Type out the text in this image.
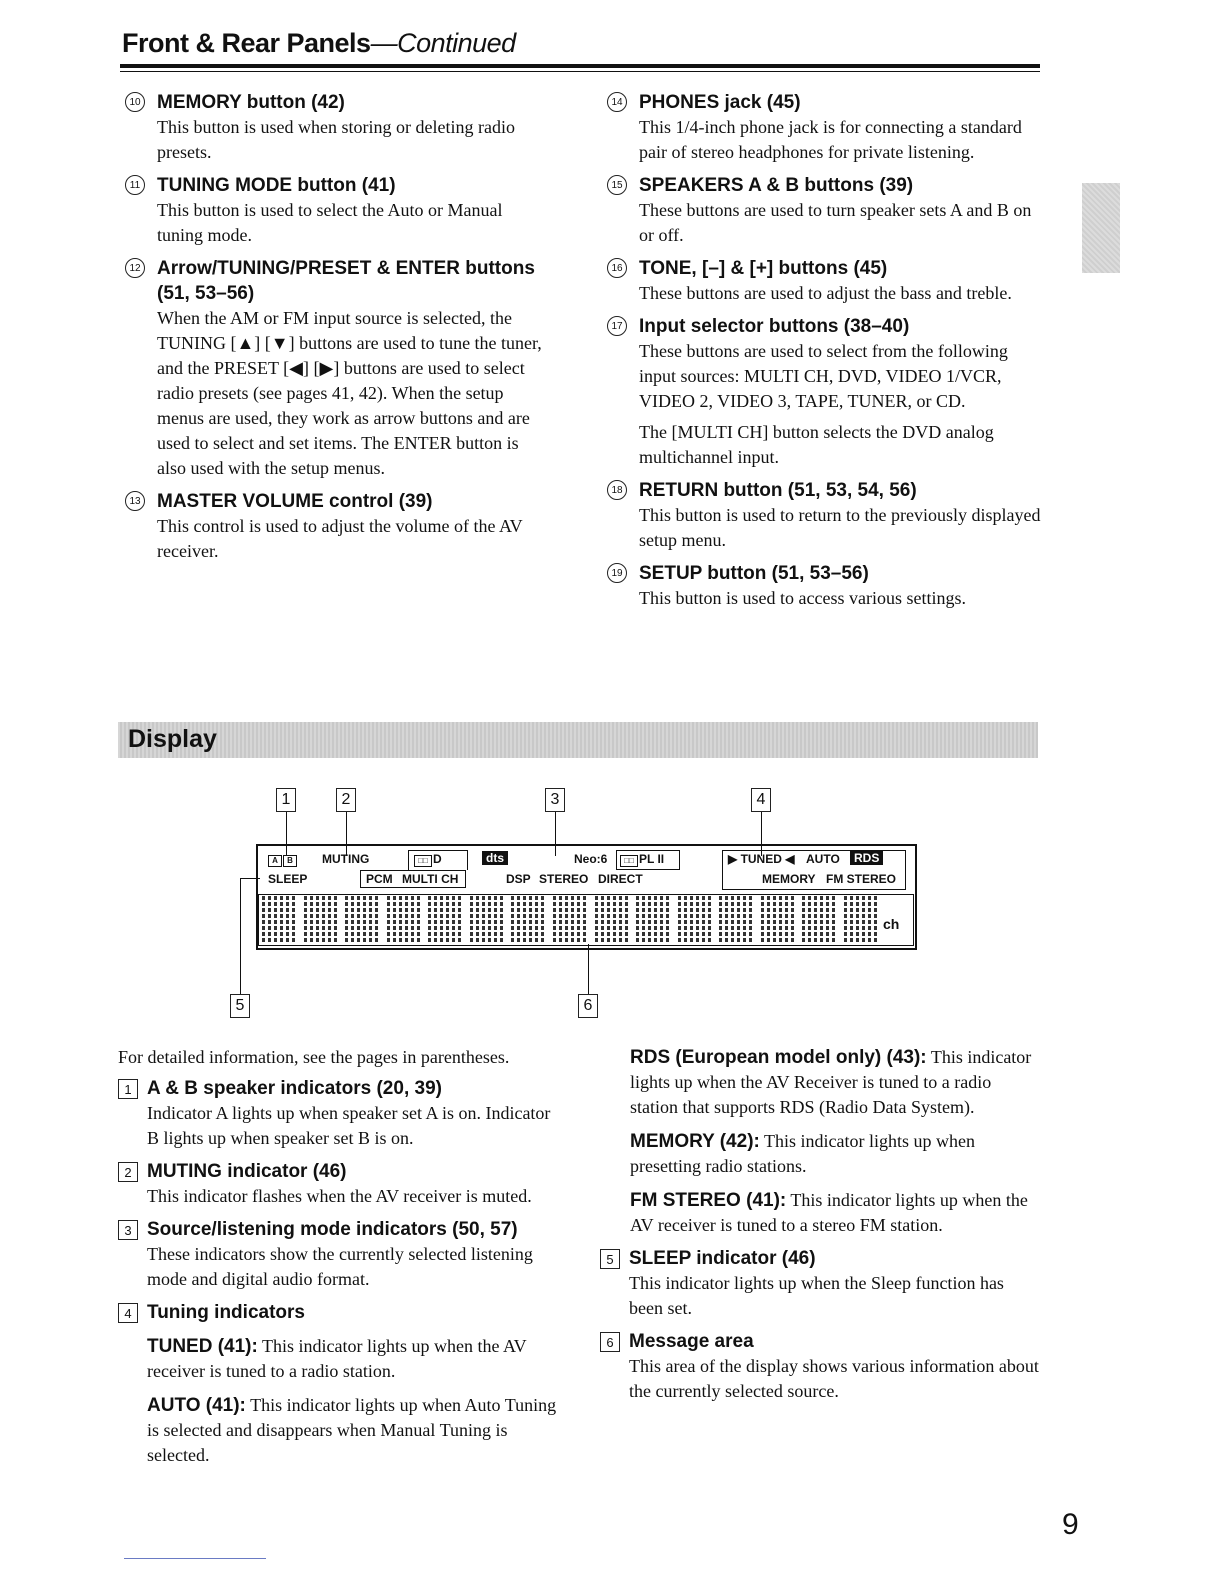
Front & Rear Panels—Continued
10 MEMORY button (42)
This button is used when storing or deleting radio presets.
11 TUNING MODE button (41)
This button is used to select the Auto or Manual tuning mode.
12 Arrow/TUNING/PRESET & ENTER buttons (51, 53–56)
When the AM or FM input source is selected, the TUNING [▲] [▼] buttons are used to tune the tuner, and the PRESET [◀] [▶] buttons are used to select radio presets (see pages 41, 42). When the setup menus are used, they work as arrow buttons and are used to select and set items. The ENTER button is also used with the setup menus.
13 MASTER VOLUME control (39)
This control is used to adjust the volume of the AV receiver.
14 PHONES jack (45)
This 1/4-inch phone jack is for connecting a standard pair of stereo headphones for private listening.
15 SPEAKERS A & B buttons (39)
These buttons are used to turn speaker sets A and B on or off.
16 TONE, [–] & [+] buttons (45)
These buttons are used to adjust the bass and treble.
17 Input selector buttons (38–40)
These buttons are used to select from the following input sources: MULTI CH, DVD, VIDEO 1/VCR, VIDEO 2, VIDEO 3, TAPE, TUNER, or CD.
The [MULTI CH] button selects the DVD analog multichannel input.
18 RETURN button (51, 53, 54, 56)
This button is used to return to the previously displayed setup menu.
19 SETUP button (51, 53–56)
This button is used to access various settings.
Display
1	2	3	4
5	6
A B	MUTING
SLEEP	PCM MULTI CH
□□ D	dts	Neo:6	□□ PL II
DSP STEREO DIRECT
▶ TUNED ◀ AUTO	RDS
MEMORY FM STEREO
ch
For detailed information, see the pages in parentheses.
1 A & B speaker indicators (20, 39)
Indicator A lights up when speaker set A is on. Indicator B lights up when speaker set B is on.
2 MUTING indicator (46)
This indicator flashes when the AV receiver is muted.
3 Source/listening mode indicators (50, 57)
These indicators show the currently selected listening mode and digital audio format.
4 Tuning indicators
TUNED (41): This indicator lights up when the AV receiver is tuned to a radio station.
AUTO (41): This indicator lights up when Auto Tuning is selected and disappears when Manual Tuning is selected.
RDS (European model only) (43): This indicator lights up when the AV Receiver is tuned to a radio station that supports RDS (Radio Data System).
MEMORY (42): This indicator lights up when presetting radio stations.
FM STEREO (41): This indicator lights up when the AV receiver is tuned to a stereo FM station.
5 SLEEP indicator (46)
This indicator lights up when the Sleep function has been set.
6 Message area
This area of the display shows various information about the currently selected source.
9
